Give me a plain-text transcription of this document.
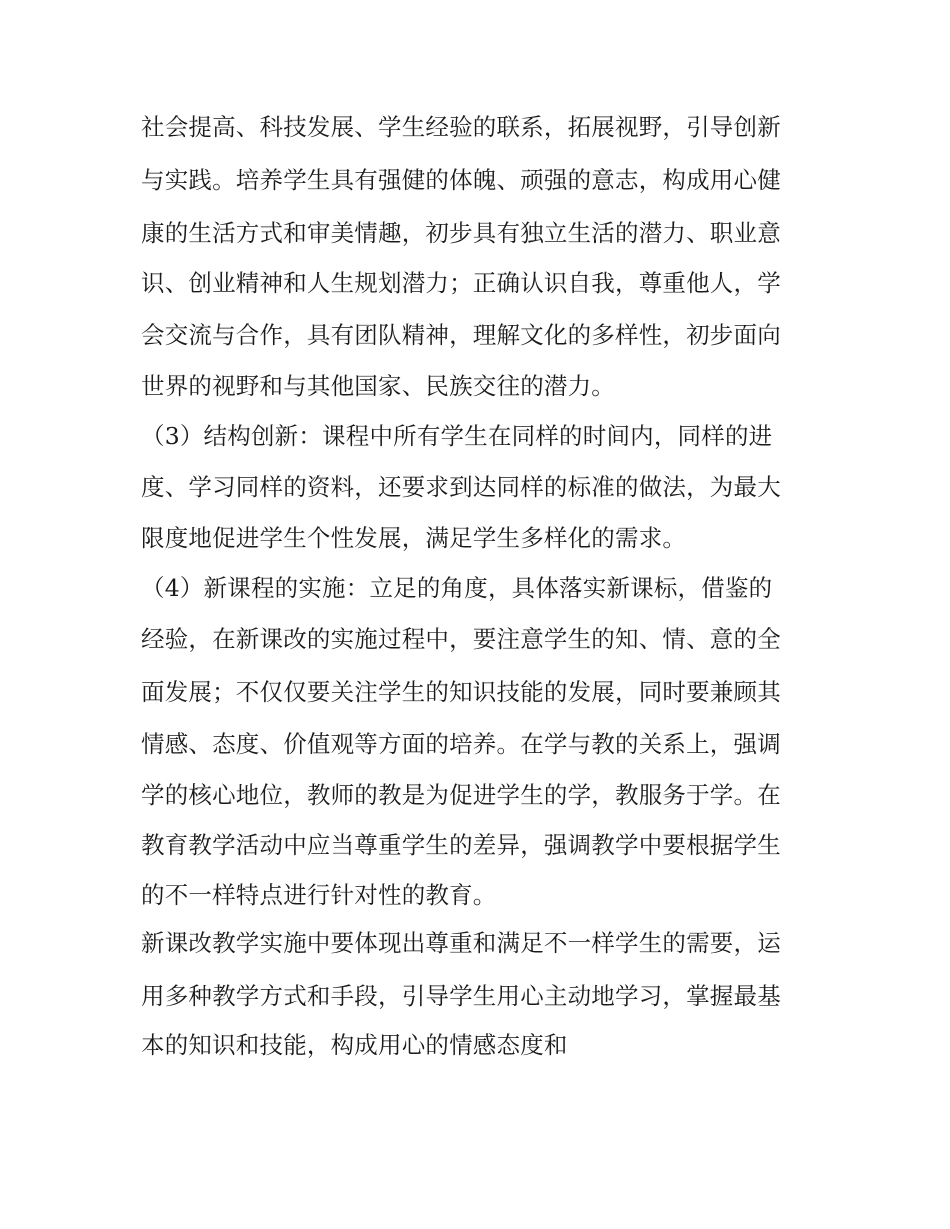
社会提高、科技发展、学生经验的联系，拓展视野，引导创新
与实践。培养学生具有强健的体魄、顽强的意志，构成用心健
康的生活方式和审美情趣，初步具有独立生活的潜力、职业意
识、创业精神和人生规划潜力；正确认识自我，尊重他人，学
会交流与合作，具有团队精神，理解文化的多样性，初步面向
世界的视野和与其他国家、民族交往的潜力。
（3）结构创新：课程中所有学生在同样的时间内，同样的进
度、学习同样的资料，还要求到达同样的标准的做法，为最大
限度地促进学生个性发展，满足学生多样化的需求。
（4）新课程的实施：立足的角度，具体落实新课标，借鉴的
经验，在新课改的实施过程中，要注意学生的知、情、意的全
面发展；不仅仅要关注学生的知识技能的发展，同时要兼顾其
情感、态度、价值观等方面的培养。在学与教的关系上，强调
学的核心地位，教师的教是为促进学生的学，教服务于学。在
教育教学活动中应当尊重学生的差异，强调教学中要根据学生
的不一样特点进行针对性的教育。
新课改教学实施中要体现出尊重和满足不一样学生的需要，运
用多种教学方式和手段，引导学生用心主动地学习，掌握最基
本的知识和技能，构成用心的情感态度和
